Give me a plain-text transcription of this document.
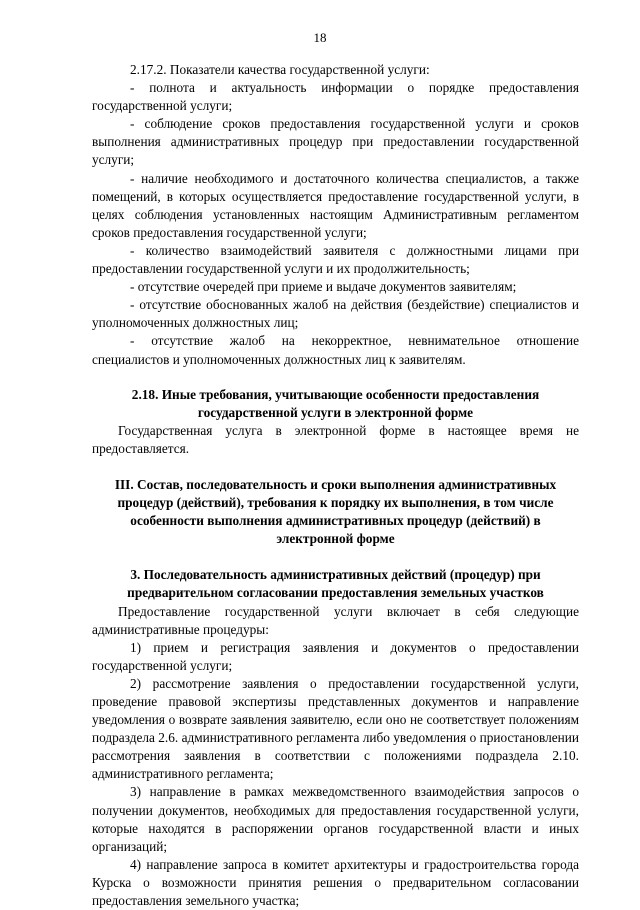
18

2.17.2. Показатели качества государственной услуги:

- полнота и актуальность информации о порядке предоставления государственной услуги;

- соблюдение сроков предоставления государственной услуги и сроков выполнения административных процедур при предоставлении государственной услуги;

- наличие необходимого и достаточного количества специалистов, а также помещений, в которых осуществляется предоставление государственной услуги, в целях соблюдения установленных настоящим Административным регламентом сроков предоставления государственной услуги;

- количество взаимодействий заявителя с должностными лицами при предоставлении государственной услуги и их продолжительность;

- отсутствие очередей при приеме и выдаче документов заявителям;

- отсутствие обоснованных жалоб на действия (бездействие) специалистов и уполномоченных должностных лиц;

- отсутствие жалоб на некорректное, невнимательное отношение специалистов и уполномоченных должностных лиц к заявителям.

2.18. Иные требования, учитывающие особенности предоставления
государственной услуги в электронной форме

Государственная услуга в электронной форме в настоящее время не предоставляется.

III. Состав, последовательность и сроки выполнения административных
процедур (действий), требования к порядку их выполнения, в том числе
особенности выполнения административных процедур (действий) в
электронной форме

3. Последовательность административных действий (процедур) при
предварительном согласовании предоставления земельных участков

Предоставление государственной услуги включает в себя следующие административные процедуры:

1) прием и регистрация заявления и документов о предоставлении государственной услуги;

2) рассмотрение заявления о предоставлении государственной услуги, проведение правовой экспертизы представленных документов и направление уведомления о возврате заявления заявителю, если оно не соответствует положениям подраздела 2.6. административного регламента либо уведомления о приостановлении рассмотрения заявления в соответствии с положениями подраздела 2.10. административного регламента;

3) направление в рамках межведомственного взаимодействия запросов о получении документов, необходимых для предоставления государственной услуги, которые находятся в распоряжении органов государственной власти и иных организаций;

4) направление запроса в комитет архитектуры и градостроительства города Курска о возможности принятия решения о предварительном согласовании предоставления земельного участка;
